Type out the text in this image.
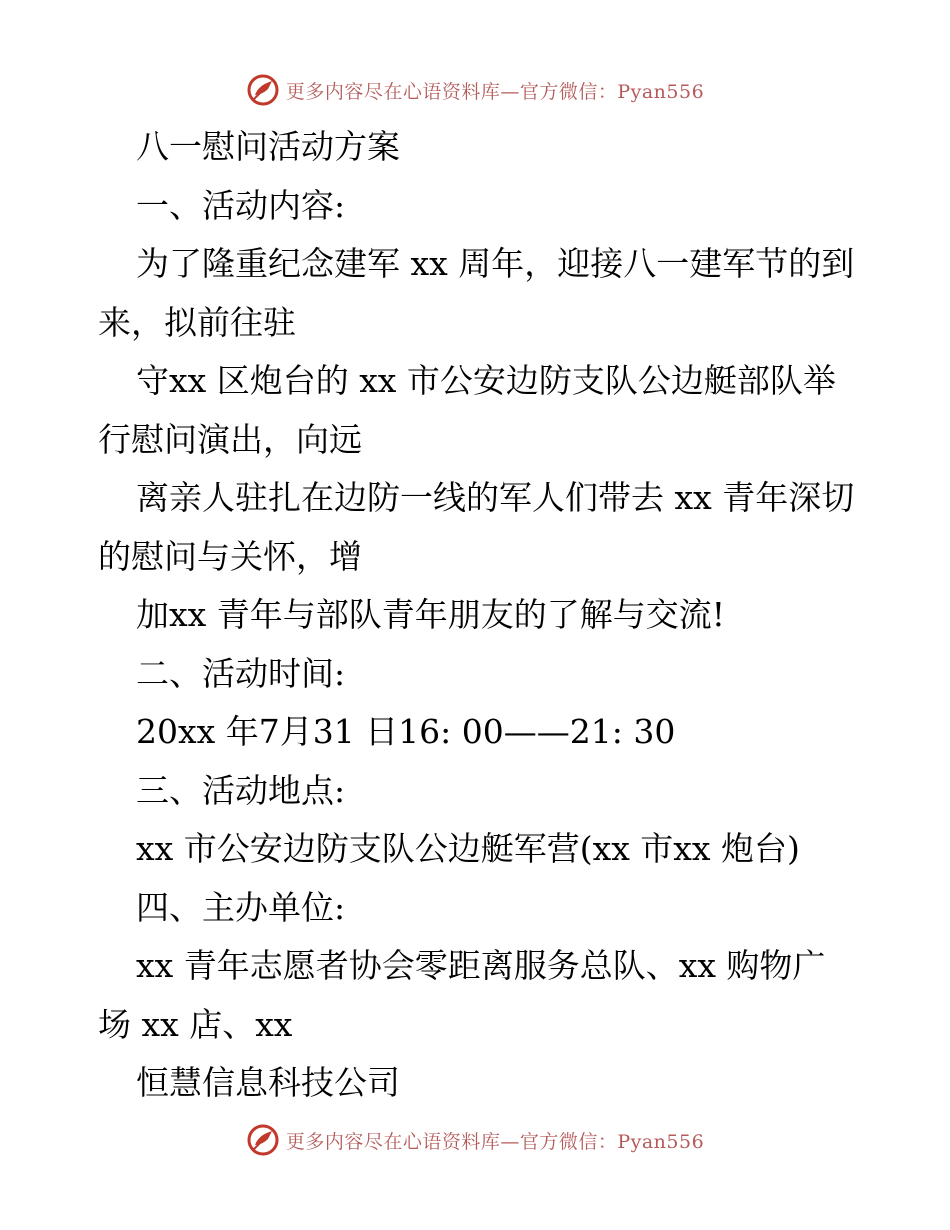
更多内容尽在心语资料库—官方微信：Pyan556

八一慰问活动方案

一、活动内容:

为了隆重纪念建军 xx 周年，迎接八一建军节的到来，拟前往驻

守xx 区炮台的 xx 市公安边防支队公边艇部队举行慰问演出，向远

离亲人驻扎在边防一线的军人们带去 xx 青年深切的慰问与关怀，增

加xx 青年与部队青年朋友的了解与交流!

二、活动时间:

20xx 年7月31 日16: 00——21: 30

三、活动地点:

xx 市公安边防支队公边艇军营(xx 市xx 炮台)

四、主办单位:

xx 青年志愿者协会零距离服务总队、xx 购物广场 xx 店、xx

恒慧信息科技公司

更多内容尽在心语资料库—官方微信：Pyan556
